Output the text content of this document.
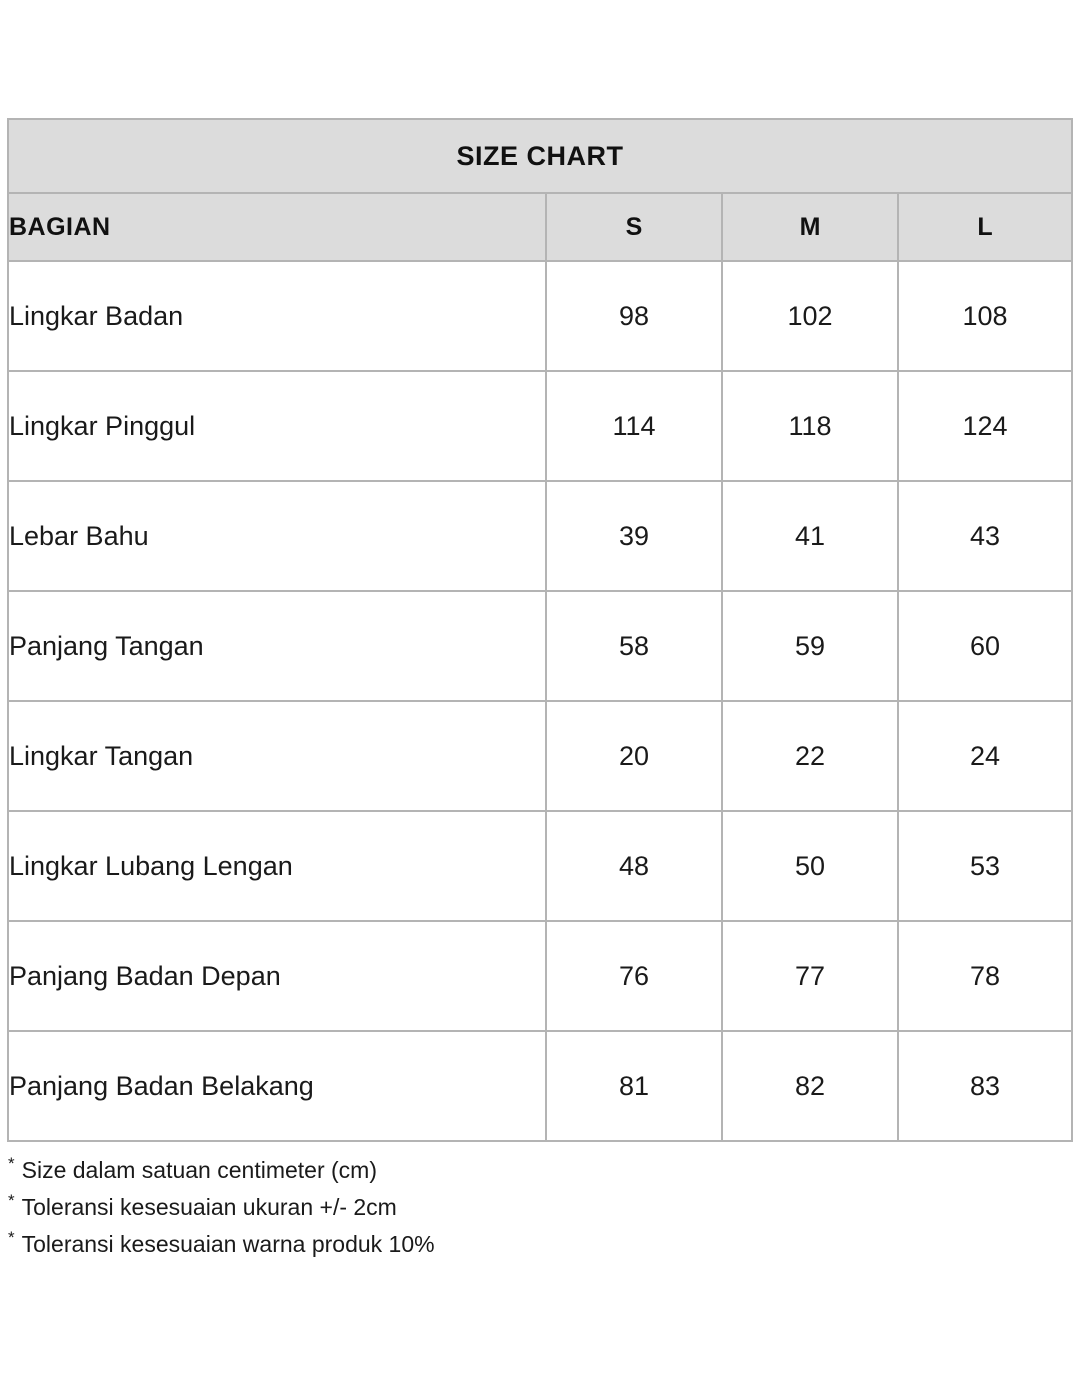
SIZE CHART			
BAGIAN	S	M	L
Lingkar Badan	98	102	108
Lingkar Pinggul	114	118	124
Lebar Bahu	39	41	43
Panjang Tangan	58	59	60
Lingkar Tangan	20	22	24
Lingkar Lubang Lengan	48	50	53
Panjang Badan Depan	76	77	78
Panjang Badan Belakang	81	82	83
* Size dalam satuan centimeter (cm)
* Toleransi kesesuaian ukuran +/- 2cm
* Toleransi kesesuaian warna produk 10%
